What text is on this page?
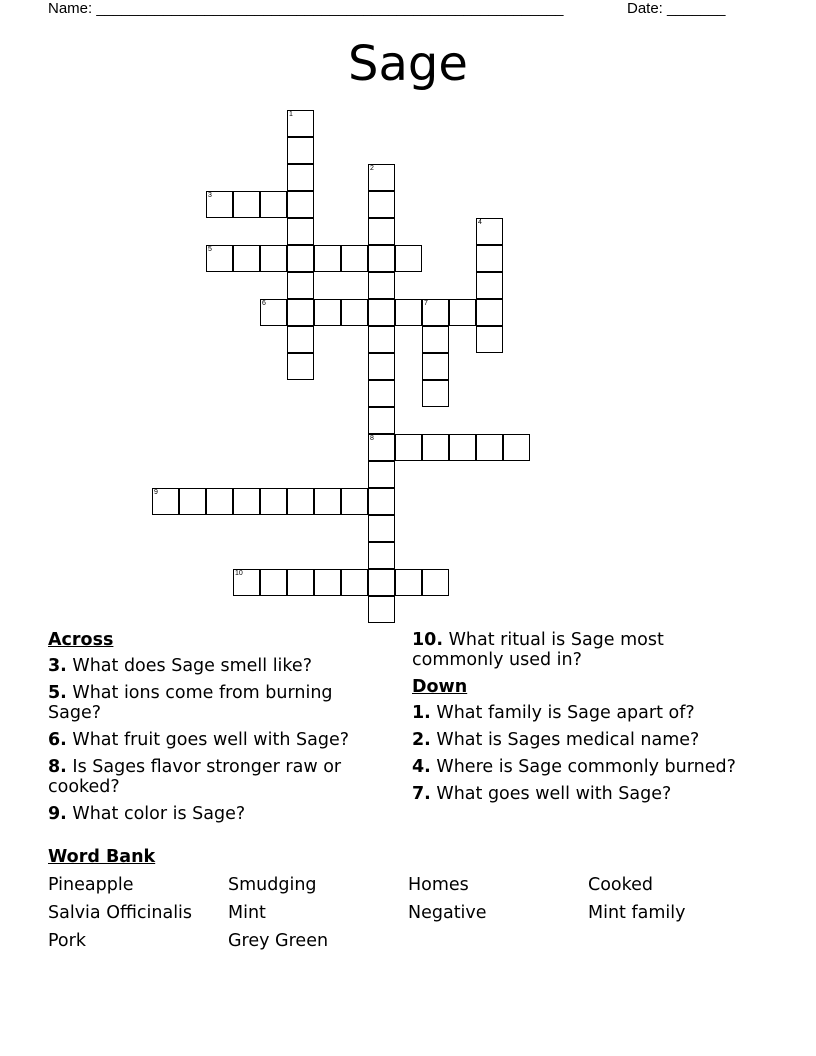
Name: ________________________________________________________	Date: _______
Sage
1
2
8
3
4
5
6	7
9
10
Across
3. What does Sage smell like?
5. What ions come from burning Sage?
6. What fruit goes well with Sage?
8. Is Sages flavor stronger raw or cooked?
9. What color is Sage?
10. What ritual is Sage most commonly used in?
Down
1. What family is Sage apart of?
2. What is Sages medical name?
4. Where is Sage commonly burned?
7. What goes well with Sage?
Word Bank
Pineapple	Smudging	Homes	Cooked
Salvia Officinalis	Mint	Negative	Mint family
Pork	Grey Green
